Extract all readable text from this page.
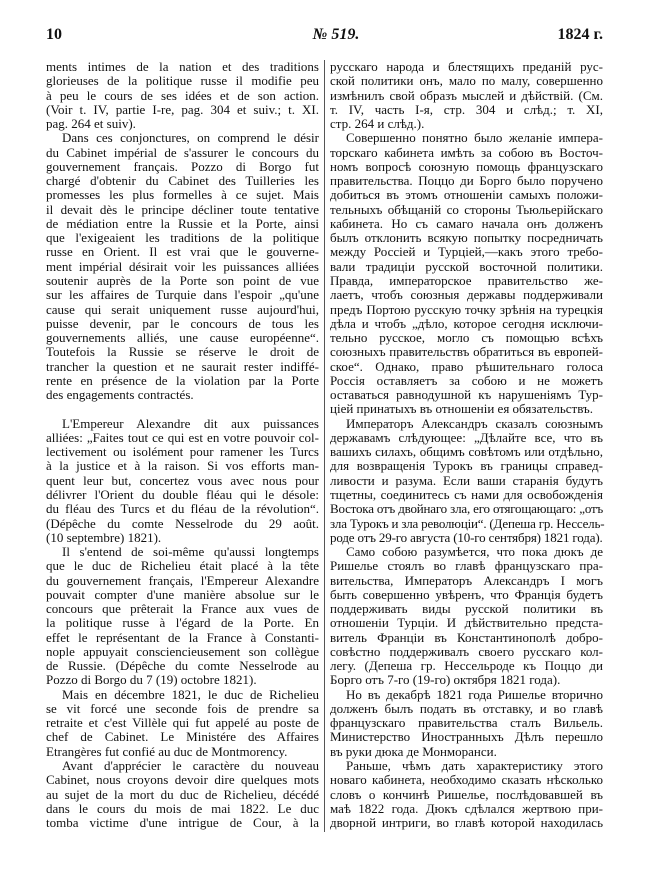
10	№ 519.	1824 г.
ments intimes de la nation et des traditions
glorieuses de la politique russe il modifie peu
à peu le cours de ses idées et de son action.
(Voir t. IV, partie I-re, pag. 304 et suiv.; t. XI.
pag. 264 et suiv).
Dans ces conjonctures, on comprend le désir
du Cabinet impérial de s'assurer le concours du
gouvernement français. Pozzo di Borgo fut
chargé d'obtenir du Cabinet des Tuilleries les
promesses les plus formelles à ce sujet. Mais
il devait dès le principe décliner toute tentative
de médiation entre la Russie et la Porte, ainsi
que l'exigeaient les traditions de la politique
russe en Orient. Il est vrai que le gouverne-
ment impérial désirait voir les puissances alliées
soutenir auprès de la Porte son point de vue
sur les affaires de Turquie dans l'espoir „qu'une
cause qui serait uniquement russe aujourd'hui,
puisse devenir, par le concours de tous les
gouvernements alliés, une cause européenne“.
Toutefois la Russie se réserve le droit de
trancher la question et ne saurait rester indiffé-
rente en présence de la violation par la Porte
des engagements contractés.
L'Empereur Alexandre dit aux puissances
alliées: „Faites tout ce qui est en votre pouvoir col-
lectivement ou isolément pour ramener les Turcs
à la justice et à la raison. Si vos efforts man-
quent leur but, concertez vous avec nous pour
délivrer l'Orient du double fléau qui le désole:
du fléau des Turcs et du fléau de la révolution“.
(Dépêche du comte Nesselrode du 29 août.
(10 septembre) 1821).
Il s'entend de soi-même qu'aussi longtemps
que le duc de Richelieu était placé à la tête
du gouvernement français, l'Empereur Alexandre
pouvait compter d'une manière absolue sur le
concours que prêterait la France aux vues de
la politique russe à l'égard de la Porte. En
effet le représentant de la France à Constanti-
nople appuyait consciencieusement son collègue
de Russie. (Dépêche du comte Nesselrode au
Pozzo di Borgo du 7 (19) octobre 1821).
Mais en décembre 1821, le duc de Richelieu
se vit forcé une seconde fois de prendre sa
retraite et c'est Villèle qui fut appelé au poste de
chef de Cabinet. Le Ministére des Affaires
Etrangères fut confié au duc de Montmorency.
Avant d'apprécier le caractère du nouveau
Cabinet, nous croyons devoir dire quelques mots
au sujet de la mort du duc de Richelieu, décédé
dans le cours du mois de mai 1822. Le duc
tomba victime d'une intrigue de Cour, à la
русскаго народа и блестящихъ преданій рус-
ской политики онъ, мало по малу, совершенно
измѣнилъ свой образъ мыслей и дѣйствій. (См.
т. IV, часть I-я, стр. 304 и слѣд.; т. XI,
стр. 264 и слѣд.).
Совершенно понятно было желаніе импера-
торскаго кабинета имѣть за собою въ Восточ-
номъ вопросѣ союзную помощь французскаго
правительства. Поццо ди Борго было поручено
добиться въ этомъ отношеніи самыхъ положи-
тельныхъ обѣщаній со стороны Тьюльерійскаго
кабинета. Но съ самаго начала онъ долженъ
былъ отклонить всякую попытку посредничать
между Россіей и Турціей,—какъ этого требо-
вали традиціи русской восточной политики.
Правда, императорское правительство же-
лаетъ, чтобъ союзныя державы поддерживали
предъ Портою русскую точку зрѣнія на турецкія
дѣла и чтобъ „дѣло, которое сегодня исключи-
тельно русское, могло съ помощью всѣхъ
союзныхъ правительствъ обратиться въ европей-
ское“. Однако, право рѣшительнаго голоса
Россія оставляетъ за собою и не можетъ
оставаться равнодушной къ нарушеніямъ Тур-
ціей принатыхъ въ отношеніи ея обязательствъ.
Императоръ Александръ сказалъ союзнымъ
державамъ слѣдующее: „Дѣлайте все, что въ
вашихъ силахъ, общимъ совѣтомъ или отдѣльно,
для возвращенія Турокъ въ границы справед-
ливости и разума. Если ваши старанія будутъ
тщетны, соединитесь съ нами для освобожденія
Востока отъ двойнаго зла, его отягощающаго: „отъ
зла Турокъ и зла революціи“. (Депеша гр. Нессель-
роде отъ 29-го августа (10-го сентября) 1821 года).
Само собою разумѣется, что пока дюкъ де
Ришелье стоялъ во главѣ французскаго пра-
вительства, Императоръ Александръ I могъ
быть совершенно увѣренъ, что Франція будетъ
поддерживать виды русской политики въ
отношеніи Турціи. И дѣйствительно предста-
витель Франціи въ Константинополѣ добро-
совѣстно поддерживалъ своего русскаго кол-
легу. (Депеша гр. Нессельроде къ Поццо ди
Борго отъ 7-го (19-го) октября 1821 года).
Но въ декабрѣ 1821 года Ришелье вторично
долженъ былъ подать въ отставку, и во главѣ
французскаго правительства сталъ Вильель.
Министерство Иностранныхъ Дѣлъ перешло
въ руки дюка де Монморанси.
Раньше, чѣмъ дать характеристику этого
новаго кабинета, необходимо сказать нѣсколько
словъ о кончинѣ Ришелье, послѣдовавшей въ
маѣ 1822 года. Дюкъ сдѣлался жертвою при-
дворной интриги, во главѣ которой находилась
